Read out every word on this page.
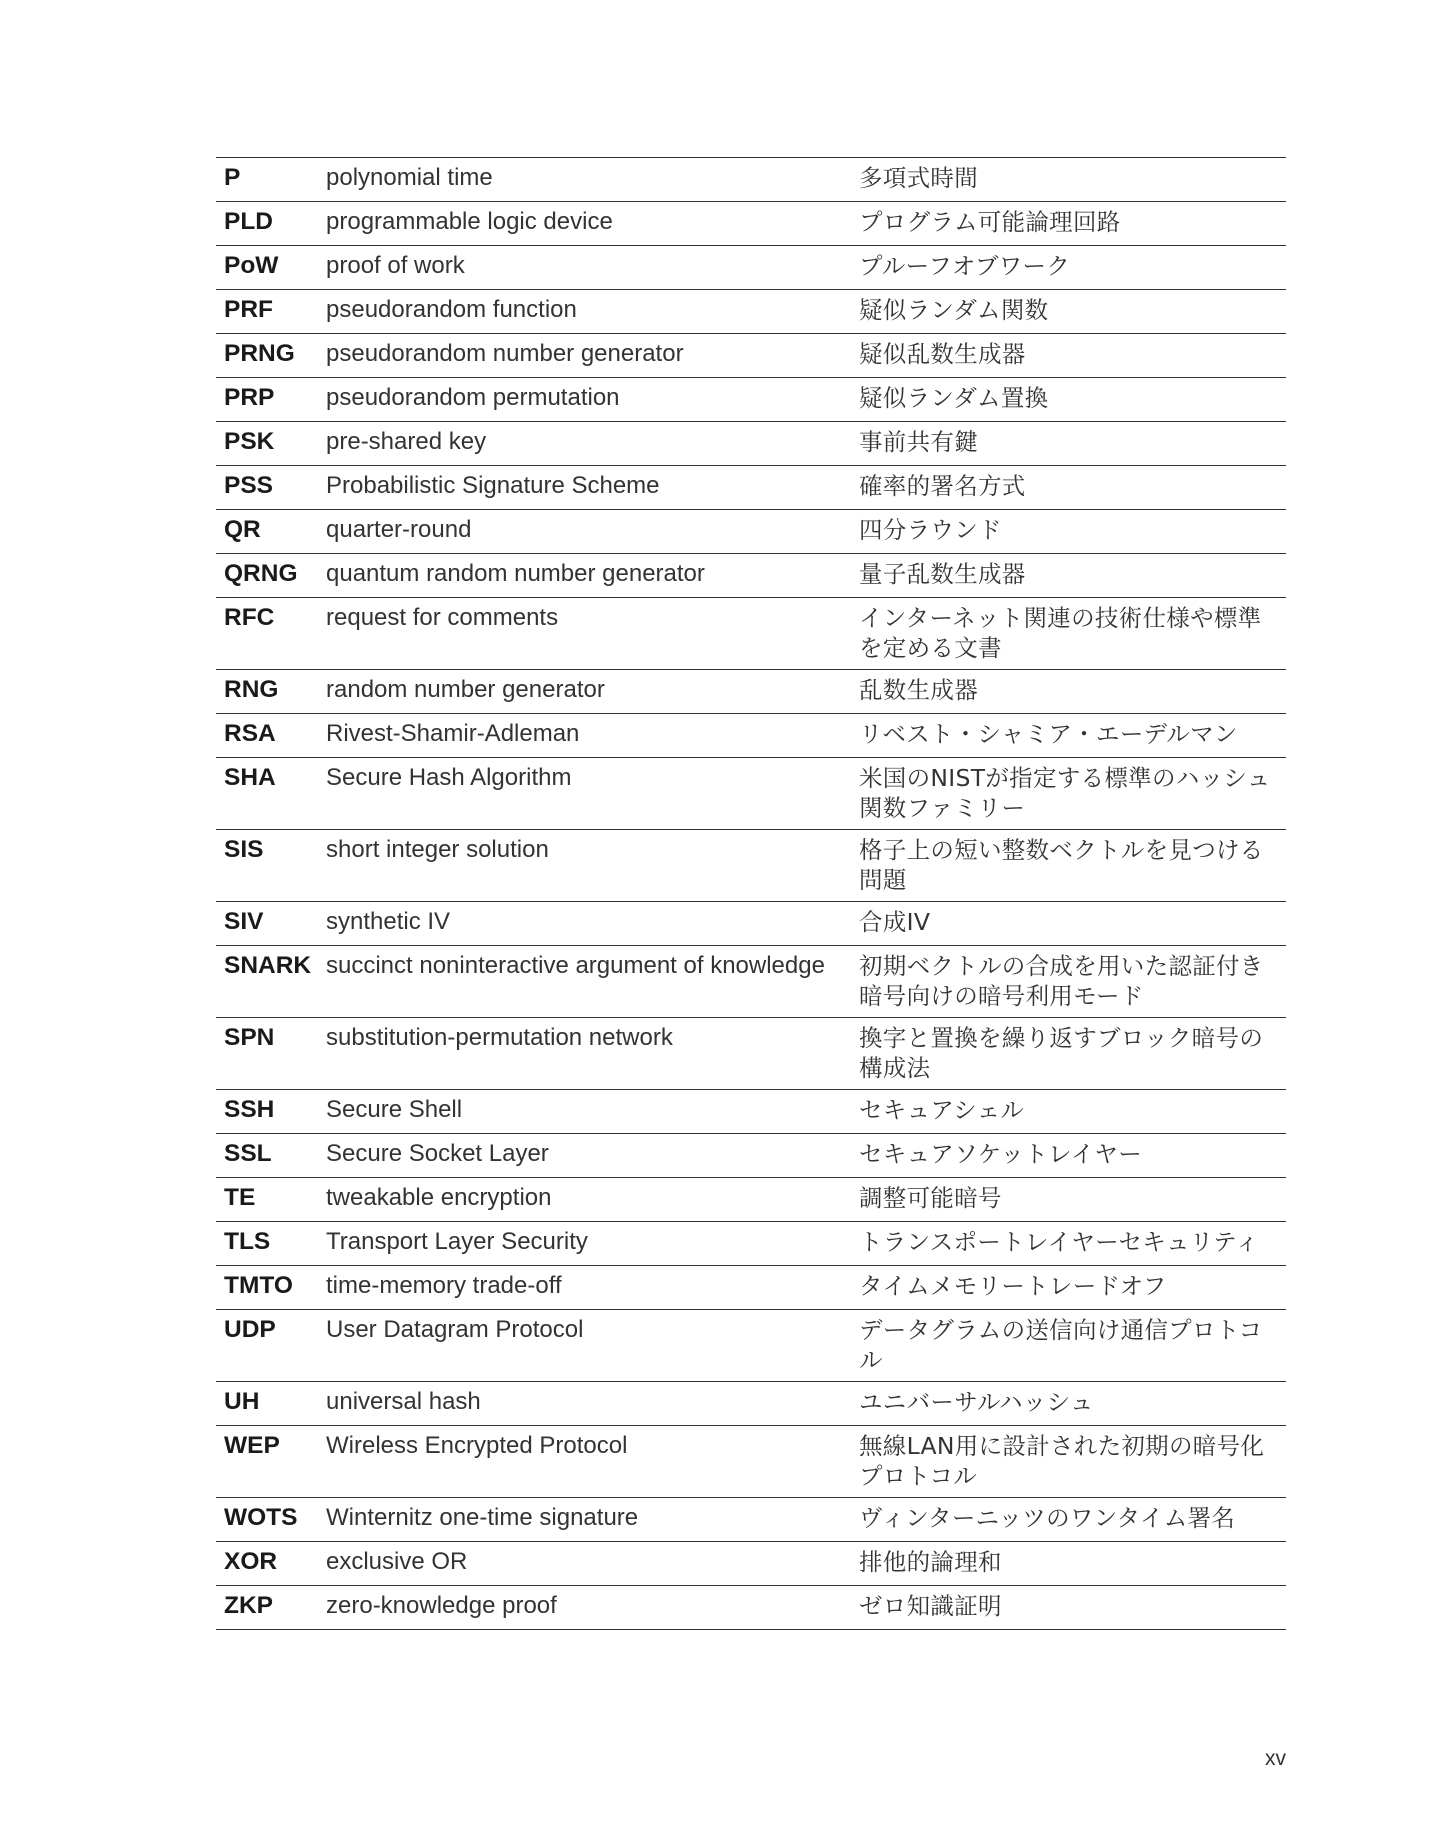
P	polynomial time	多項式時間
PLD	programmable logic device	プログラム可能論理回路
PoW	proof of work	プルーフオブワーク
PRF	pseudorandom function	疑似ランダム関数
PRNG	pseudorandom number generator	疑似乱数生成器
PRP	pseudorandom permutation	疑似ランダム置換
PSK	pre-shared key	事前共有鍵
PSS	Probabilistic Signature Scheme	確率的署名方式
QR	quarter-round	四分ラウンド
QRNG	quantum random number generator	量子乱数生成器
RFC	request for comments	インターネット関連の技術仕様や標準を定める文書
RNG	random number generator	乱数生成器
RSA	Rivest-Shamir-Adleman	リベスト・シャミア・エーデルマン
SHA	Secure Hash Algorithm	米国のNISTが指定する標準のハッシュ関数ファミリー
SIS	short integer solution	格子上の短い整数ベクトルを見つける問題
SIV	synthetic IV	合成IV
SNARK	succinct noninteractive argument of knowledge	初期ベクトルの合成を用いた認証付き暗号向けの暗号利用モード
SPN	substitution-permutation network	換字と置換を繰り返すブロック暗号の構成法
SSH	Secure Shell	セキュアシェル
SSL	Secure Socket Layer	セキュアソケットレイヤー
TE	tweakable encryption	調整可能暗号
TLS	Transport Layer Security	トランスポートレイヤーセキュリティ
TMTO	time-memory trade-off	タイムメモリートレードオフ
UDP	User Datagram Protocol	データグラムの送信向け通信プロトコル
UH	universal hash	ユニバーサルハッシュ
WEP	Wireless Encrypted Protocol	無線LAN用に設計された初期の暗号化プロトコル
WOTS	Winternitz one-time signature	ヴィンターニッツのワンタイム署名
XOR	exclusive OR	排他的論理和
ZKP	zero-knowledge proof	ゼロ知識証明
xv
